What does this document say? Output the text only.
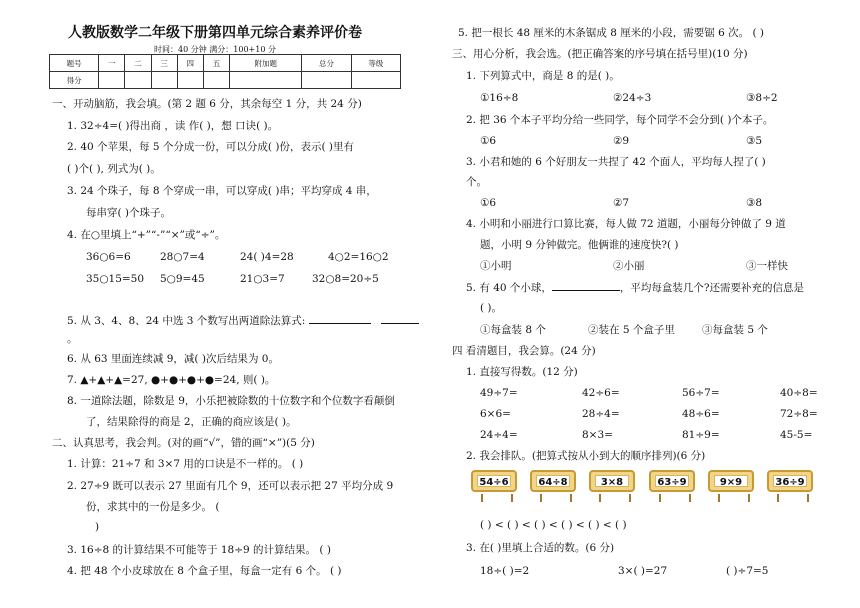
人教版数学二年级下册第四单元综合素养评价卷
时间：40 分钟 满分：100+10 分
题号	一	二	三	四	五	附加题	总分	等级
得分								
一、开动脑筋，我会填。(第 2 题 6 分，其余每空 1 分，共 24 分)
1. 32÷4=( )得出商 ，读 作( )，想 口诀( )。
2. 40 个苹果，每 5 个分成一份，可以分成( )份，表示( )里有
( )个( ), 列式为( )。
3. 24 个珠子，每 8 个穿成一串，可以穿成( )串；平均穿成 4 串，
每串穿( )个珠子。
4. 在○里填上“+”“-”“×”或“÷”。
36○6=6	28○7=4	24( )4=28	4○2=16○2
35○15=50 5○9=45	21○3=7	32○8=20÷5
5. 从 3、4、8、24 中选 3 个数写出两道除法算式:
。
6. 从 63 里面连续减 9，减( )次后结果为 0。
7. ▲+▲+▲=27, ●+●+●+●=24, 则( )。
8. 一道除法题，除数是 9，小乐把被除数的十位数字和个位数字看颠倒
了，结果除得的商是 2，正确的商应该是( )。
二、认真思考，我会判。(对的画“√”，错的画“×”)(5 分)
1. 计算：21÷7 和 3×7 用的口诀是不一样的。 ( )
2. 27÷9 既可以表示 27 里面有几个 9，还可以表示把 27 平均分成 9
份，求其中的一份是多少。 (
)
3. 16÷8 的计算结果不可能等于 18÷9 的计算结果。 ( )
4. 把 48 个小皮球放在 8 个盒子里，每盒一定有 6 个。 ( )
5. 把一根长 48 厘米的木条锯成 8 厘米的小段，需要锯 6 次。 ( )
三、用心分析，我会选。(把正确答案的序号填在括号里)(10 分)
1. 下列算式中，商是 8 的是( )。
①16÷8	②24÷3	③8÷2
2. 把 36 个本子平均分给一些同学，每个同学不会分到( )个本子。
①6	②9	③5
3. 小君和她的 6 个好朋友一共捏了 42 个面人，平均每人捏了( )
个。
①6	②7	③8
4. 小明和小丽进行口算比赛，每人做 72 道题，小丽每分钟做了 9 道
题，小明 9 分钟做完。他俩谁的速度快?( )
①小明	②小丽	③一样快
5. 有 40 个小球，	，平均每盒装几个?还需要补充的信息是
( )。
①每盒装 8 个	②装在 5 个盒子里	③每盒装 5 个
四 看清题目，我会算。(24 分)
1. 直接写得数。(12 分)
49÷7=	42÷6=	56÷7=	40÷8=
6×6=	28÷4=	48÷6=	72÷8=
24÷4=	8×3=	81÷9=	45-5=
2. 我会排队。(把算式按从小到大的顺序排列)(6 分)
54÷6	64÷8	3×8	63÷9	9×9	36÷9
( ) < ( ) < ( ) < ( ) < ( ) < ( )
3. 在( )里填上合适的数。(6 分)
18÷( )=2	3×( )=27	( )÷7=5
